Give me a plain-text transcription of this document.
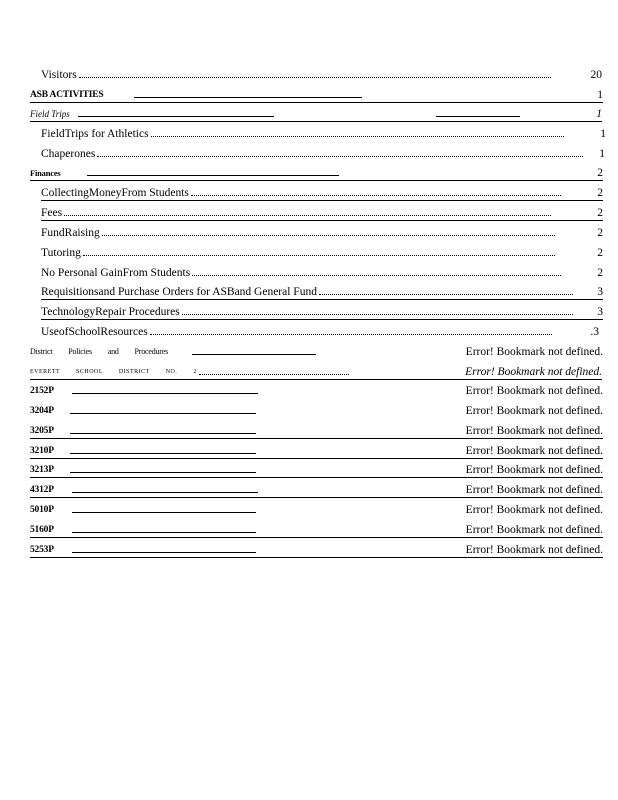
Visitors	20
ASB ACTIVITIES	1
Field Trips	1
FieldTrips for Athletics	1
Chaperones	1
Finances	2
CollectingMoneyFrom Students	2
Fees	2
FundRaising	2
Tutoring	2
No Personal GainFrom Students	2
Requisitionsand Purchase Orders for ASBand General Fund	3
TechnologyRepair Procedures	3
UseofSchoolResources	.3
District Policies and Procedures	Error! Bookmark not defined.
EVERETT SCHOOL DISTRICT NO. 2	Error! Bookmark not defined.
2152P	Error! Bookmark not defined.
3204P	Error! Bookmark not defined.
3205P	Error! Bookmark not defined.
3210P	Error! Bookmark not defined.
3213P	Error! Bookmark not defined.
4312P	Error! Bookmark not defined.
5010P	Error! Bookmark not defined.
5160P	Error! Bookmark not defined.
5253P	Error! Bookmark not defined.
